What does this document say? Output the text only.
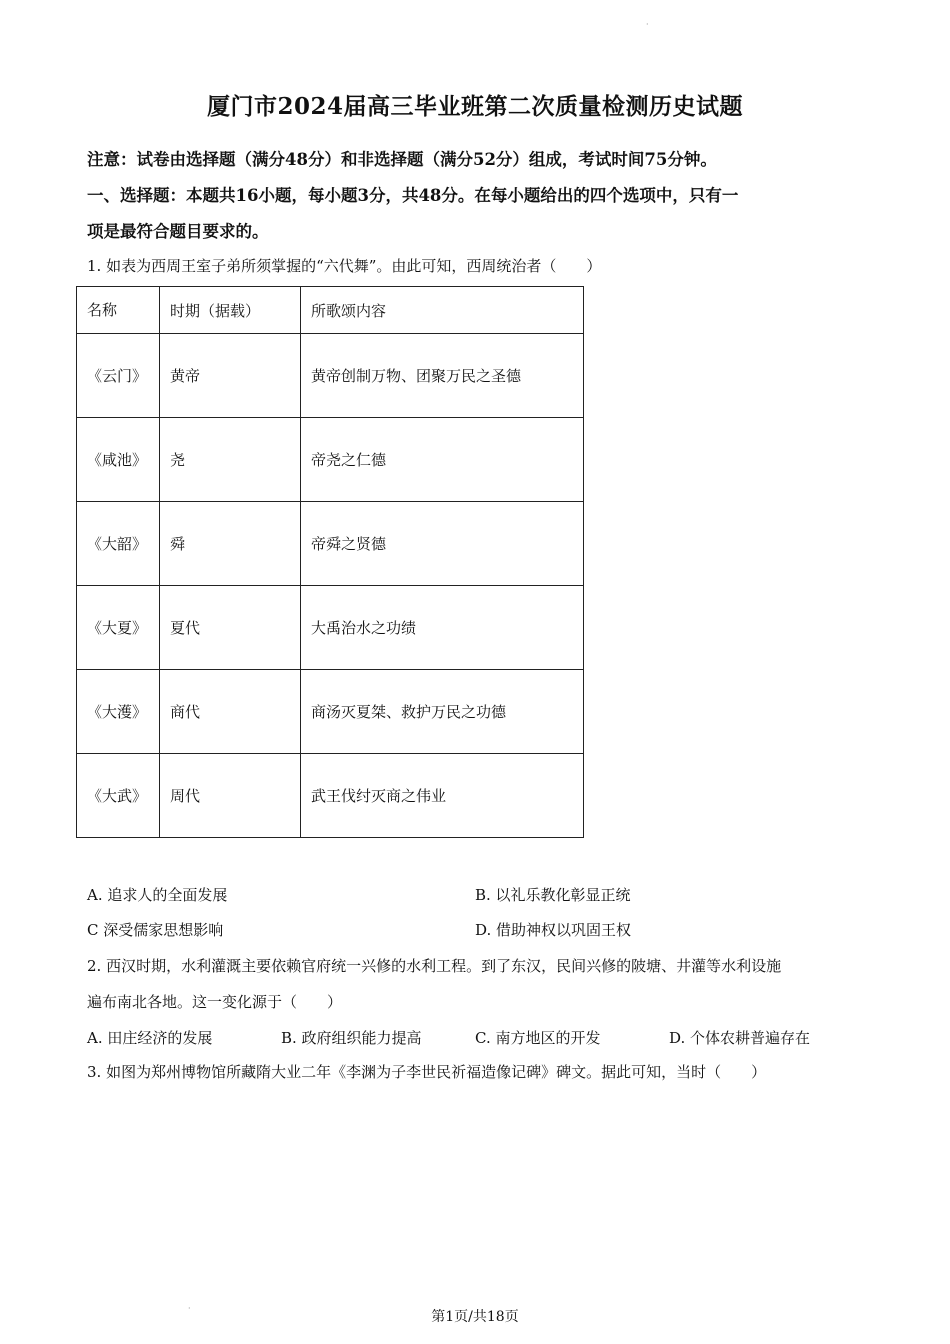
·
厦门市2024届高三毕业班第二次质量检测历史试题
注意：试卷由选择题（满分48分）和非选择题（满分52分）组成，考试时间75分钟。
一、选择题：本题共16小题，每小题3分，共48分。在每小题给出的四个选项中，只有一
项是最符合题目要求的。
1. 如表为西周王室子弟所须掌握的“六代舞”。由此可知，西周统治者（　　）
名称	时期（据载）	所歌颂内容
《云门》	黄帝	黄帝创制万物、团聚万民之圣德
《咸池》	尧	帝尧之仁德
《大韶》	舜	帝舜之贤德
《大夏》	夏代	大禹治水之功绩
《大濩》	商代	商汤灭夏桀、救护万民之功德
《大武》	周代	武王伐纣灭商之伟业
A. 追求人的全面发展	B. 以礼乐教化彰显正统
C 深受儒家思想影响	D. 借助神权以巩固王权
2. 西汉时期，水利灌溉主要依赖官府统一兴修的水利工程。到了东汉，民间兴修的陂塘、井灌等水利设施
遍布南北各地。这一变化源于（　　）
A. 田庄经济的发展	B. 政府组织能力提高	C. 南方地区的开发	D. 个体农耕普遍存在
3. 如图为郑州博物馆所藏隋大业二年《李渊为子李世民祈福造像记碑》碑文。据此可知，当时（　　）
·
第1页/共18页
